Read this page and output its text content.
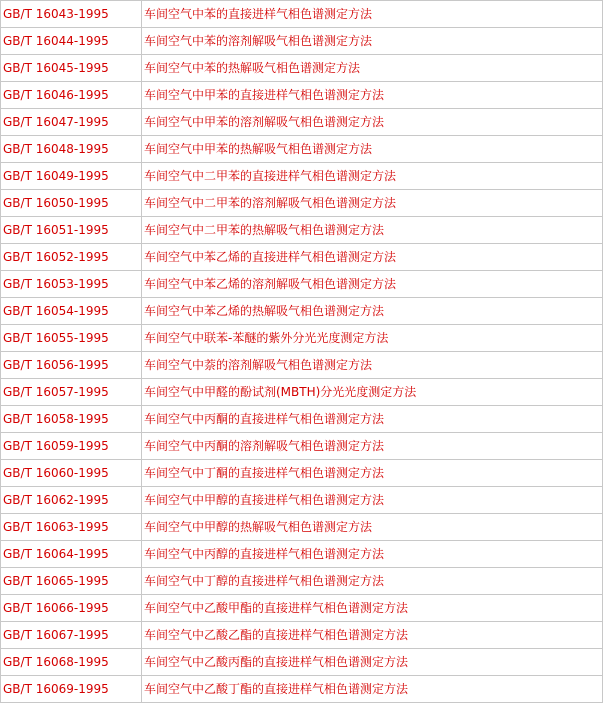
GB/T 16043-1995	车间空气中苯的直接进样气相色谱测定方法
GB/T 16044-1995	车间空气中苯的溶剂解吸气相色谱测定方法
GB/T 16045-1995	车间空气中苯的热解吸气相色谱测定方法
GB/T 16046-1995	车间空气中甲苯的直接进样气相色谱测定方法
GB/T 16047-1995	车间空气中甲苯的溶剂解吸气相色谱测定方法
GB/T 16048-1995	车间空气中甲苯的热解吸气相色谱测定方法
GB/T 16049-1995	车间空气中二甲苯的直接进样气相色谱测定方法
GB/T 16050-1995	车间空气中二甲苯的溶剂解吸气相色谱测定方法
GB/T 16051-1995	车间空气中二甲苯的热解吸气相色谱测定方法
GB/T 16052-1995	车间空气中苯乙烯的直接进样气相色谱测定方法
GB/T 16053-1995	车间空气中苯乙烯的溶剂解吸气相色谱测定方法
GB/T 16054-1995	车间空气中苯乙烯的热解吸气相色谱测定方法
GB/T 16055-1995	车间空气中联苯-苯醚的紫外分光光度测定方法
GB/T 16056-1995	车间空气中萘的溶剂解吸气相色谱测定方法
GB/T 16057-1995	车间空气中甲醛的酚试剂(MBTH)分光光度测定方法
GB/T 16058-1995	车间空气中丙酮的直接进样气相色谱测定方法
GB/T 16059-1995	车间空气中丙酮的溶剂解吸气相色谱测定方法
GB/T 16060-1995	车间空气中丁酮的直接进样气相色谱测定方法
GB/T 16062-1995	车间空气中甲醇的直接进样气相色谱测定方法
GB/T 16063-1995	车间空气中甲醇的热解吸气相色谱测定方法
GB/T 16064-1995	车间空气中丙醇的直接进样气相色谱测定方法
GB/T 16065-1995	车间空气中丁醇的直接进样气相色谱测定方法
GB/T 16066-1995	车间空气中乙酸甲酯的直接进样气相色谱测定方法
GB/T 16067-1995	车间空气中乙酸乙酯的直接进样气相色谱测定方法
GB/T 16068-1995	车间空气中乙酸丙酯的直接进样气相色谱测定方法
GB/T 16069-1995	车间空气中乙酸丁酯的直接进样气相色谱测定方法
